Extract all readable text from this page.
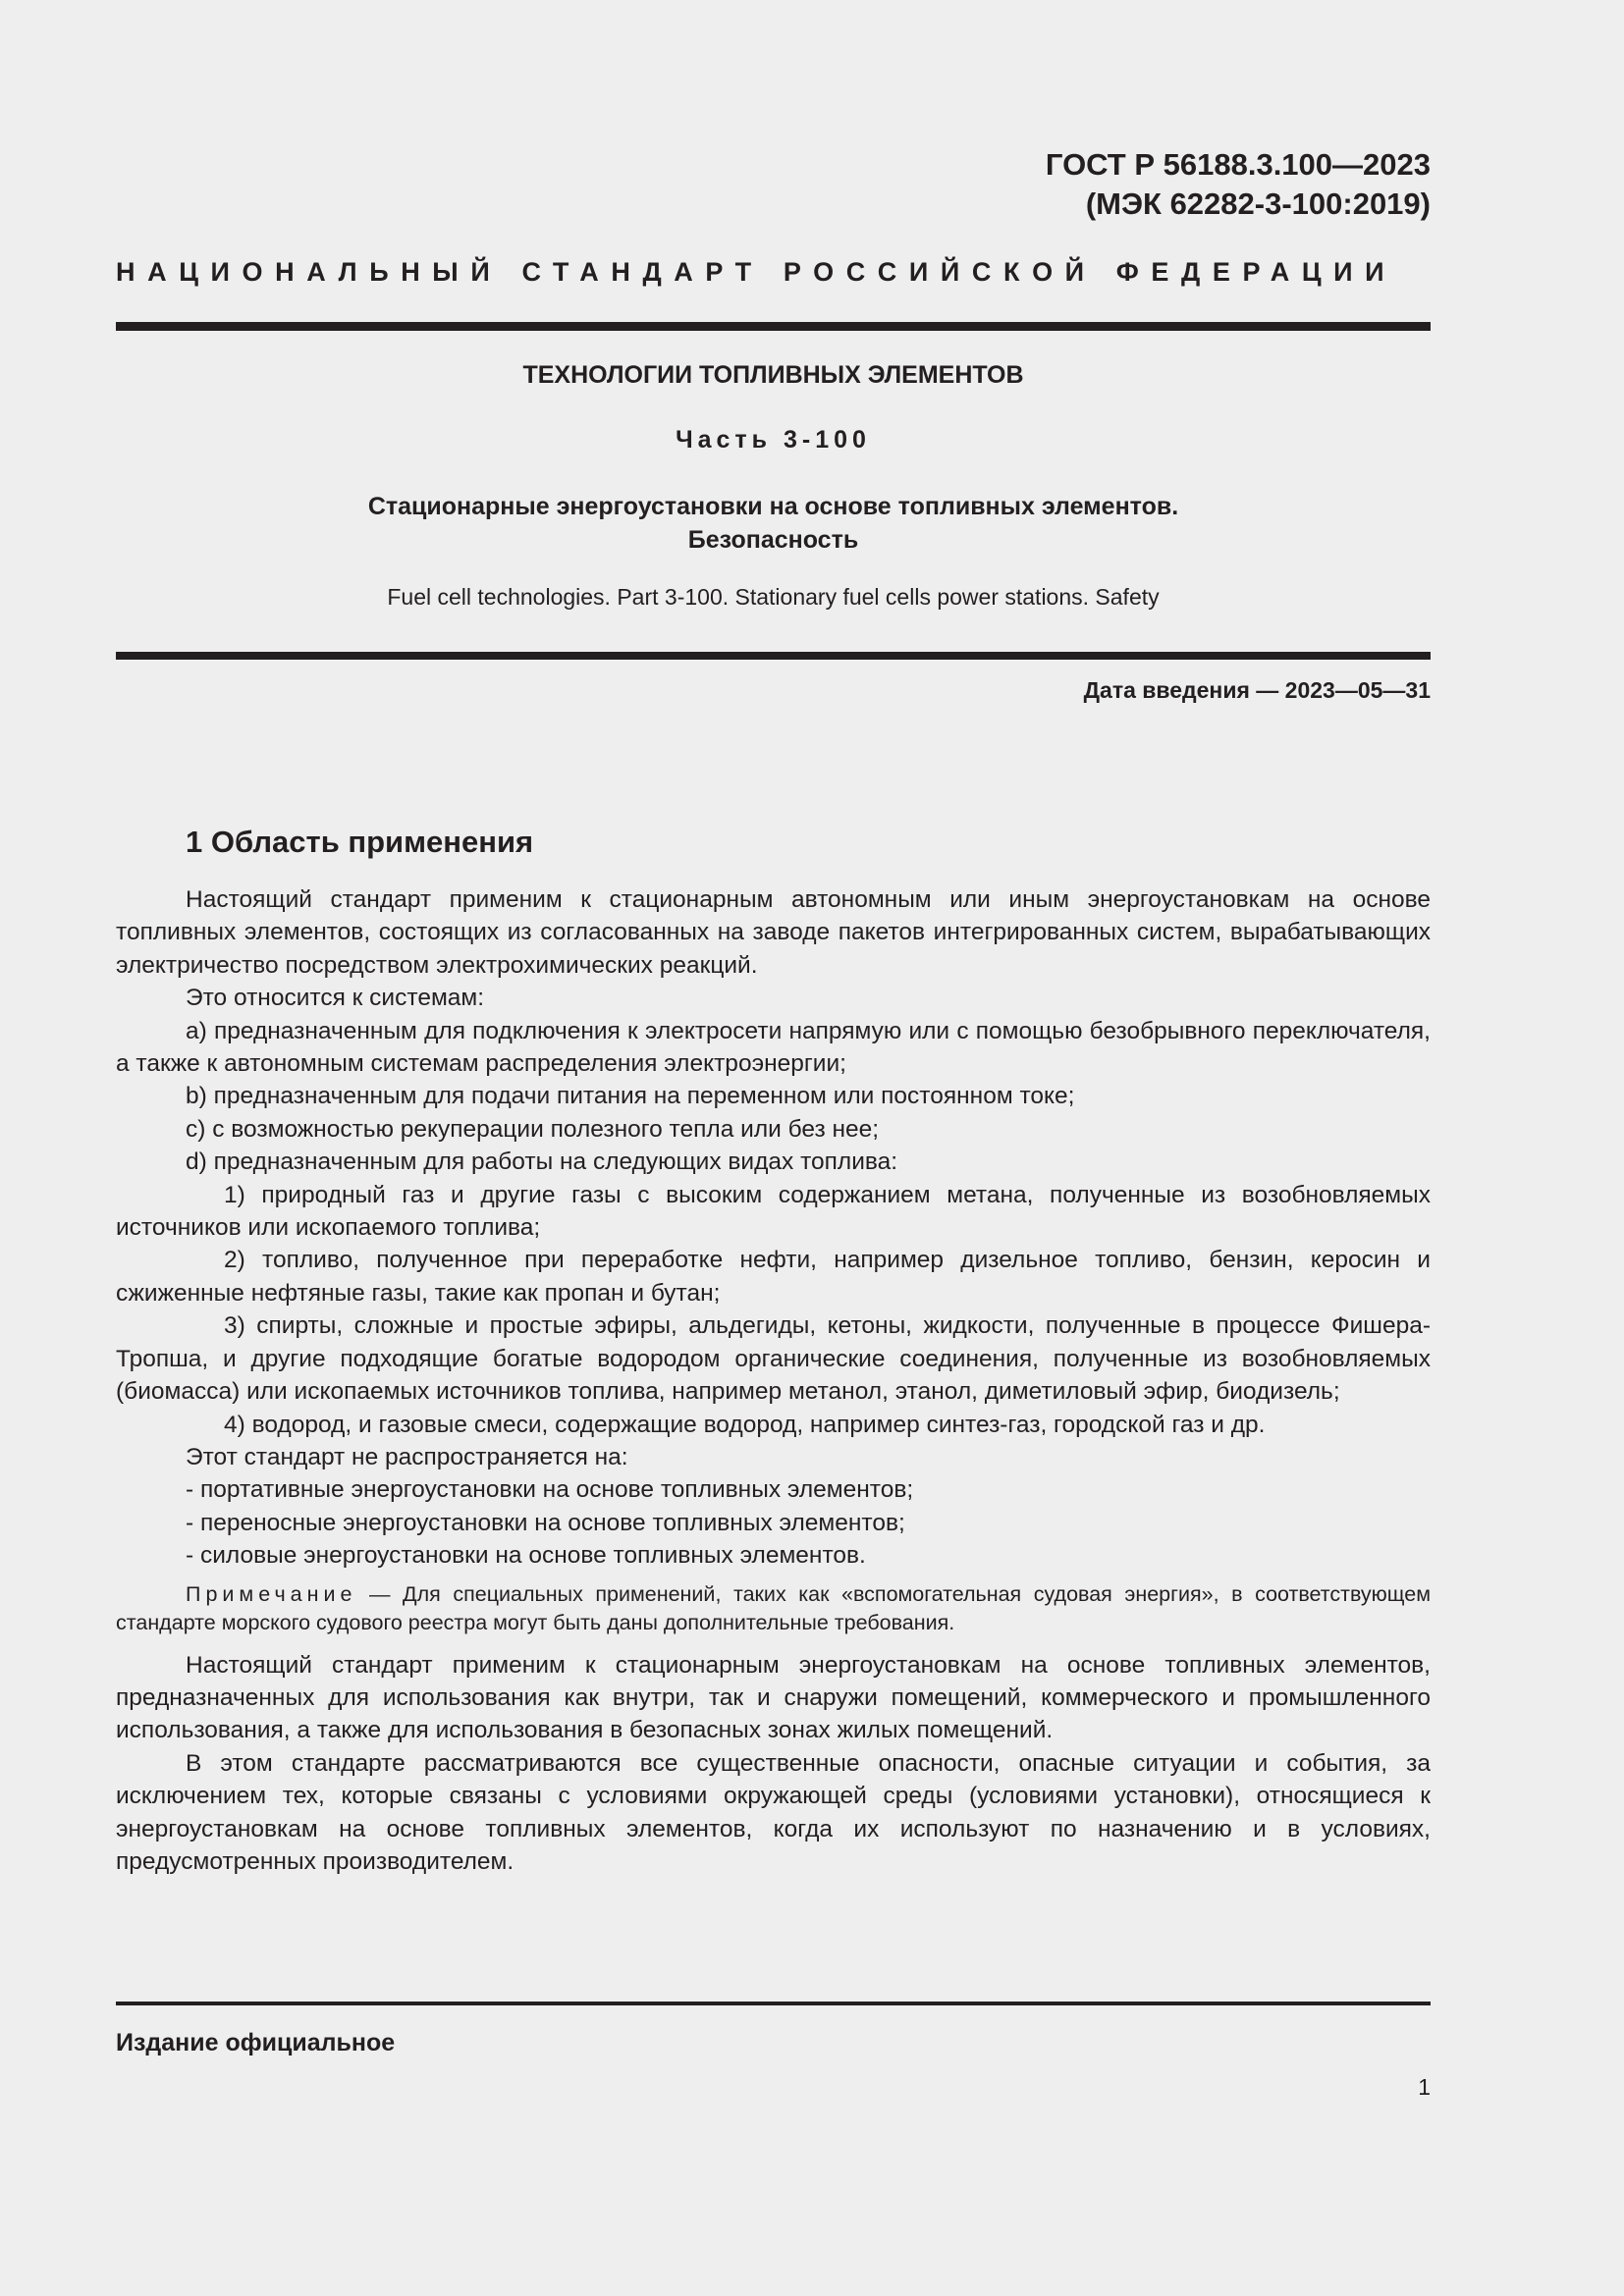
ГОСТ Р 56188.3.100—2023
(МЭК 62282-3-100:2019)
НАЦИОНАЛЬНЫЙ СТАНДАРТ РОССИЙСКОЙ ФЕДЕРАЦИИ
ТЕХНОЛОГИИ ТОПЛИВНЫХ ЭЛЕМЕНТОВ
Часть 3-100
Стационарные энергоустановки на основе топливных элементов.
Безопасность
Fuel cell technologies. Part 3-100. Stationary fuel cells power stations. Safety
Дата введения — 2023—05—31
1 Область применения

Настоящий стандарт применим к стационарным автономным или иным энергоустановкам на основе топливных элементов, состоящих из согласованных на заводе пакетов интегрированных систем, вырабатывающих электричество посредством электрохимических реакций.

Это относится к системам:

a) предназначенным для подключения к электросети напрямую или с помощью безобрывного переключателя, а также к автономным системам распределения электроэнергии;

b) предназначенным для подачи питания на переменном или постоянном токе;

c) с возможностью рекуперации полезного тепла или без нее;

d) предназначенным для работы на следующих видах топлива:

1) природный газ и другие газы с высоким содержанием метана, полученные из возобновляемых источников или ископаемого топлива;

2) топливо, полученное при переработке нефти, например дизельное топливо, бензин, керосин и сжиженные нефтяные газы, такие как пропан и бутан;

3) спирты, сложные и простые эфиры, альдегиды, кетоны, жидкости, полученные в процессе Фишера-Тропша, и другие подходящие богатые водородом органические соединения, полученные из возобновляемых (биомасса) или ископаемых источников топлива, например метанол, этанол, диметиловый эфир, биодизель;

4) водород, и газовые смеси, содержащие водород, например синтез-газ, городской газ и др.

Этот стандарт не распространяется на:

- портативные энергоустановки на основе топливных элементов;

- переносные энергоустановки на основе топливных элементов;

- силовые энергоустановки на основе топливных элементов.

Примечание — Для специальных применений, таких как «вспомогательная судовая энергия», в соответствующем стандарте морского судового реестра могут быть даны дополнительные требования.

Настоящий стандарт применим к стационарным энергоустановкам на основе топливных элементов, предназначенных для использования как внутри, так и снаружи помещений, коммерческого и промышленного использования, а также для использования в безопасных зонах жилых помещений.

В этом стандарте рассматриваются все существенные опасности, опасные ситуации и события, за исключением тех, которые связаны с условиями окружающей среды (условиями установки), относящиеся к энергоустановкам на основе топливных элементов, когда их используют по назначению и в условиях, предусмотренных производителем.

Издание официальное
1
